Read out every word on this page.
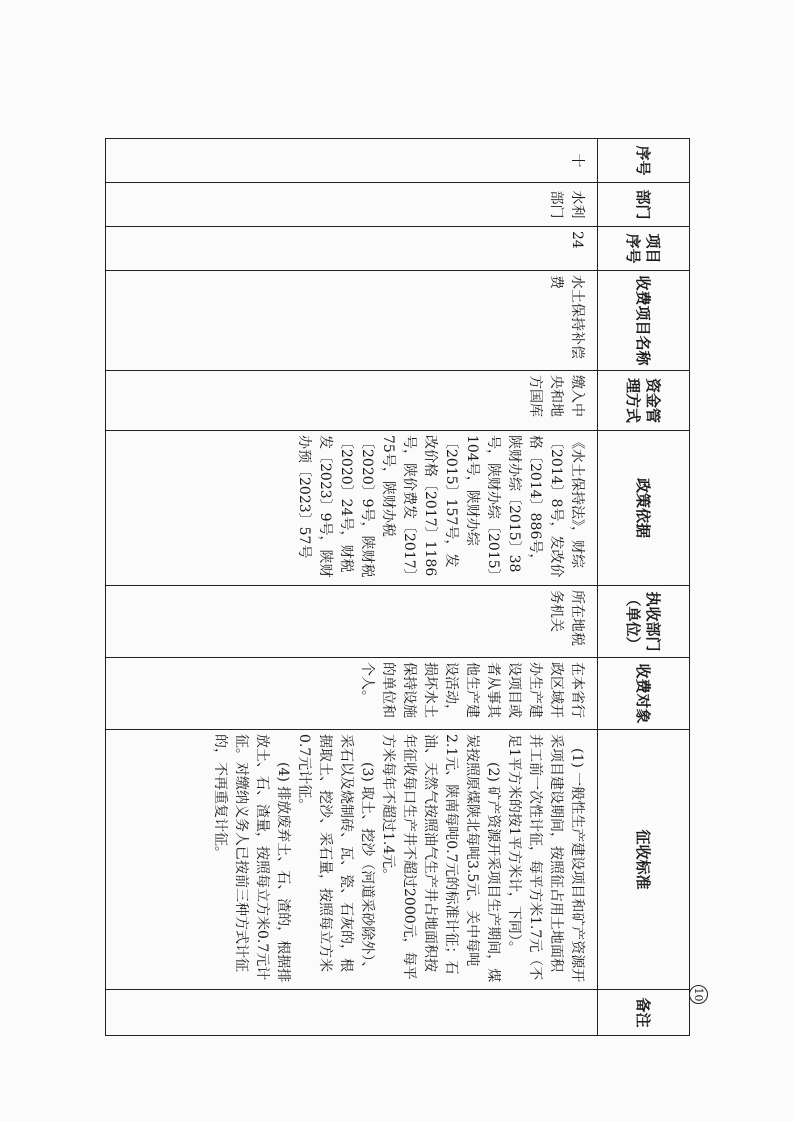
序号	部门	项目序号	收费项目名称	资金管理方式	政策依据	执收部门（单位）	收费对象	征收标准	备注
十	水利部门	24	水土保持补偿费	缴入中央和地方国库	《水土保持法》，财综〔2014〕8号，发改价格〔2014〕886号，陕财办综〔2015〕38号，陕财办综〔2015〕104号，陕财办综〔2015〕157号，发改价格〔2017〕1186号，陕价费发〔2017〕75号，陕财办税〔2020〕9号，陕财税〔2020〕24号，财税发〔2023〕9号，陕财办预〔2023〕57号	所在地税务机关	在本省行政区域开办生产建设项目或者从事其他生产建设活动，损坏水土保持设施的单位和个人。	(1) 一般性生产建设项目和矿产资源开采项目建设期间，按照征占用土地面积并工前一次性计征，每平方米1.7元（不足1平方米的按1平方米计，下同）。

(2) 矿产资源开采项目生产期间，煤炭按照原煤陕北每吨3.5元、关中每吨2.1元、陕南每吨0.7元的标准计征；石油、天然气按照油气生产井占地面积按年征收每口生产井不超过2000元，每平方米每年不超过1.4元。

(3) 取土、挖沙（河道采砂除外）、采石以及烧制砖、瓦、瓷、石灰的，根据取土、挖沙、采石量，按照每立方米0.7元计征。

(4) 排放废弃土、石、渣的，根据排放土、石、渣量，按照每立方米0.7元计征。对缴纳义务人已按前三种方式计征的，不再重复计征。	

10
